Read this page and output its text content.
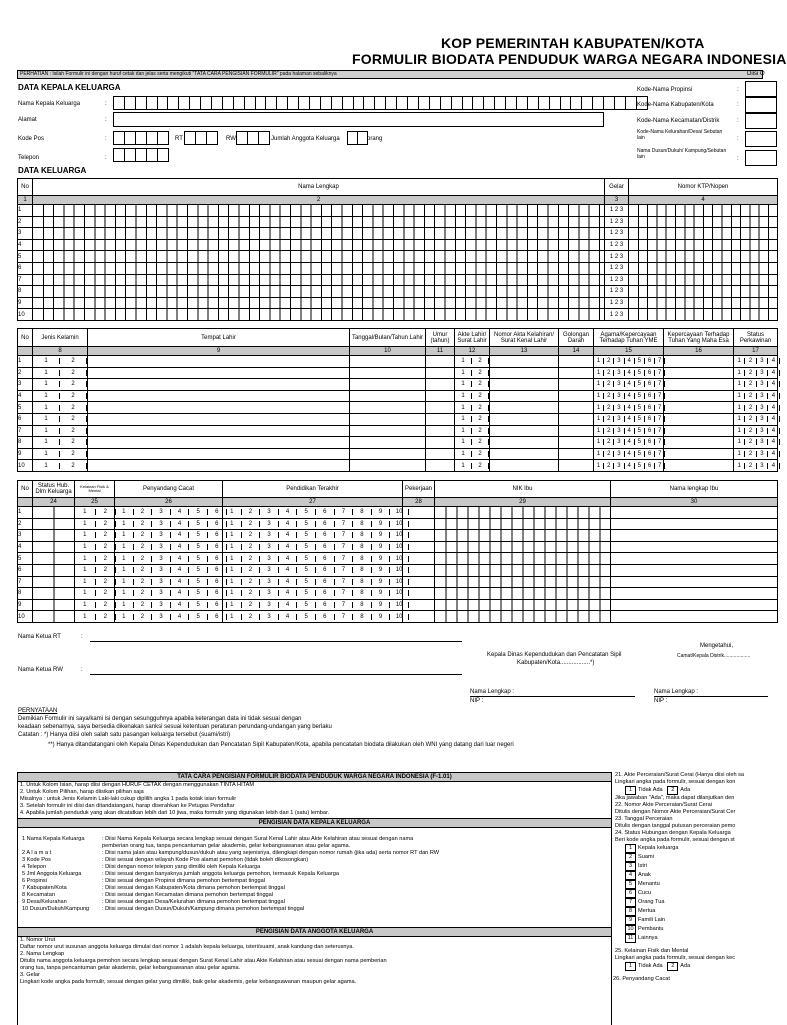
KOP PEMERINTAH KABUPATEN/KOTA
FORMULIR BIODATA PENDUDUK WARGA NEGARA INDONESIA
PERHATIAN : Isilah Formulir ini dengan huruf cetak dan jelas serta mengikuti "TATA CARA PENGISIAN FORMULIR" pada halaman sebaliknya	Diisi O
DATA KEPALA KELUARGA
Nama Kepala Keluarga	:
Alamat	:
Kode Pos	:	RT	RW	Jumlah Anggota Keluarga	orang
Telepon	:
Kode-Nama Propinsi
Kode-Nama Kabupaten/Kota
Kode-Nama Kecamatan/Distrik
Kode-Nama Kelurahan/Desa/ Sebutan lain
Nama Dusun/Dukuh/ Kampung/Sebutan lain
:
:
:
:
:
DATA KELUARGA
No	Nama Lengkap	Gelar	Nomor KTP/Nopen
1	2	3	4
1		1 2 3	
2		1 2 3	
3		1 2 3	
4		1 2 3	
5		1 2 3	
6		1 2 3	
7		1 2 3	
8		1 2 3	
9		1 2 3	
10		1 2 3	
No	Jenis Kelamin	Tempat Lahir	Tanggal/Bulan/Tahun Lahir	Umur (tahun)	Akte Lahir/ Surat Lahir	Nomor Akta Kelahiran/ Surat Kenal Lahir	Golongan Darah	Agama/Kepercayaan Terhadap Tuhan YME	Kepercayaan Terhadap Tuhan Yang Maha Esa	Status Perkawinan
	8	9	10	11	12	13	14	15	16	17
1	1 2				1 2			1 2 3 4 5 6 7		1 2 3 4
2	1 2				1 2			1 2 3 4 5 6 7		1 2 3 4
3	1 2				1 2			1 2 3 4 5 6 7		1 2 3 4
4	1 2				1 2			1 2 3 4 5 6 7		1 2 3 4
5	1 2				1 2			1 2 3 4 5 6 7		1 2 3 4
6	1 2				1 2			1 2 3 4 5 6 7		1 2 3 4
7	1 2				1 2			1 2 3 4 5 6 7		1 2 3 4
8	1 2				1 2			1 2 3 4 5 6 7		1 2 3 4
9	1 2				1 2			1 2 3 4 5 6 7		1 2 3 4
10	1 2				1 2			1 2 3 4 5 6 7		1 2 3 4
No	Status Hub. Dlm Keluarga	Kelainan Fisik & Mental	Penyandang Cacat	Pendidikan Terakhir	Pekerjaan	NIK Ibu	Nama lengkap Ibu
	24	25	26	27	28	29	30
1		1 2	1 2 3 4 5 6	1 2 3 4 5 6 7 8 9 10			
2		1 2	1 2 3 4 5 6	1 2 3 4 5 6 7 8 9 10			
3		1 2	1 2 3 4 5 6	1 2 3 4 5 6 7 8 9 10			
4		1 2	1 2 3 4 5 6	1 2 3 4 5 6 7 8 9 10			
5		1 2	1 2 3 4 5 6	1 2 3 4 5 6 7 8 9 10			
6		1 2	1 2 3 4 5 6	1 2 3 4 5 6 7 8 9 10			
7		1 2	1 2 3 4 5 6	1 2 3 4 5 6 7 8 9 10			
8		1 2	1 2 3 4 5 6	1 2 3 4 5 6 7 8 9 10			
9		1 2	1 2 3 4 5 6	1 2 3 4 5 6 7 8 9 10			
10		1 2	1 2 3 4 5 6	1 2 3 4 5 6 7 8 9 10			
Nama Ketua RT	:
Nama Ketua RW	:
Kepala Dinas Kependudukan dan Pencatatan Sipil
Kabupaten/Kota..................*)
Mengetahui,
Camat/Kepala Distrik...................
Nama Lengkap :
NIP :
Nama Lengkap :
NIP :
PERNYATAAN
Demikian Formulir ini saya/kami isi dengan sesungguhnya apabila keterangan data ini tidak sesuai dengan
keadaan sebenarnya, saya bersedia dikenakan sanksi sesuai ketentuan peraturan perundang-undangan yang berlaku
Catatan : *) Hanya diisi oleh salah satu pasangan keluarga tersebut (suami/istri)
**) Hanya ditandatangani oleh Kepala Dinas Kependudukan dan Pencatatan Sipil Kabupaten/Kota, apabila pencatatan biodata dilakukan oleh WNI yang datang dari luar negeri
TATA CARA PENGISIAN FORMULIR BIODATA PENDUDUK WARGA NEGARA INDONESIA (F-1.01)
1. Untuk Kolom Isian, harap diisi dengan HURUF CETAK dengan menggunakan TINTA HITAM
2. Untuk Kolom Pilihan, harap diisikan pilihan saja
Misalnya : untuk Jenis Kelamin Laki-laki cukup diplilih angka 1 pada kotak isian formulir
3. Setelah formulir ini diisi dan ditandatangani, harap diserahkan ke Petugas Pendaftar
4. Apabila jumlah penduduk yang akan dicatatkan lebih dari 10 jiwa, maka formulir yang digunakan lebih dari 1 (satu) lembar.
PENGISIAN DATA KEPALA KELUARGA
1 Nama Kepala Keluarga	: Diisi Nama Kepala Keluarga secara lengkap sesuai dengan Surat Kenal Lahir atau Akte Kelahiran atau sesuai dengan nama
pemberian orang tua, tanpa pencantuman gelar akademis, gelar kebangsawanan atau gelar agama.
2 A l a m a t	: Diisi nama jalan atau kampung/dusun/dukuh atau yang sejenisnya, dilengkapi dengan nomor rumah (jika ada) serta nomor RT dan RW
3 Kode Pos	: Diisi sesuai dengan wilayah Kode Pos alamat pemohon (tidak boleh dikosongkan)
4 Telepon	: Diisi dengan nomor telepon yang dimiliki oleh Kepala Keluarga
5 Jml Anggota Keluarga	: Diisi sesuai dengan banyaknya jumlah anggota keluarga pemohon, termasuk Kepala Keluarga
6 Propinsi	: Diisi sesuai dengan Propinsi dimana pemohon bertempat tinggal
7 Kabupaten/Kota	: Diisi sesuai dengan Kabupaten/Kota dimana pemohon bertempat tinggal
8 Kecamatan	: Diisi sesuai dengan Kecamatan dimana pemohon bertempat tinggal
9 Desa/Kelurahan	: Diisi sesuai dengan Desa/Kelurahan dimana pemohon bertempat tinggal
10 Dusun/Dukuh/Kampung	: Diisi sesuai dengan Dusun/Dukuh/Kampung dimana pemohon bertempat tinggal
PENGISIAN DATA ANGGOTA KELUARGA
1. Nomor Urut
Daftar nomor urut susunan anggota keluarga dimulai dari nomor 1 adalah kepala keluarga, isteri/suami, anak kandung dan seterusnya.
2. Nama Lengkap
Ditulis nama anggota keluarga pemohon secara lengkap sesuai dengan Surat Kenal Lahir atau Akte Kelahiran atau sesuai dengan nama pemberian
orang tua, tanpa pencantuman gelar akademis, gelar kebangsawanan atau gelar agama.
3. Gelar
Lingkari kode angka pada formulir, sesuai dengan gelar yang dimiliki, baik gelar akademis, gelar kebangsawanan maupun gelar agama.
21. Akte Perceraian/Surat Cerai (Hanya diisi oleh sa
Lingkari angka pada formulir, sesuai dengan kon
1 Tidak Ada 2 Ada
Jika jawaban "Ada", maka dapat dilanjutkan den
22. Nomor Akte Perceraian/Surat Cerai
Ditulis dengan Nomor Akte Perceraian/Surat Cer
23. Tanggal Perceraian
Ditulis dengan tanggal putusan perceraian pemo
24. Status Hubungan dengan Kepala Keluarga
Beri kode angka pada formulir, sesuai dengan st
1 Kepala keluarga
2 Suami
3 Istri
4 Anak
5 Menantu
6 Cucu
7 Orang Tua
8 Mertua
9 Famili Lain
10 Pembantu
11 Lainnya
25. Kelainan Fisik dan Mental
Lingkari angka pada formulir, sesuai dengan kec
1 Tidak Ada 2 Ada
26. Penyandang Cacat
